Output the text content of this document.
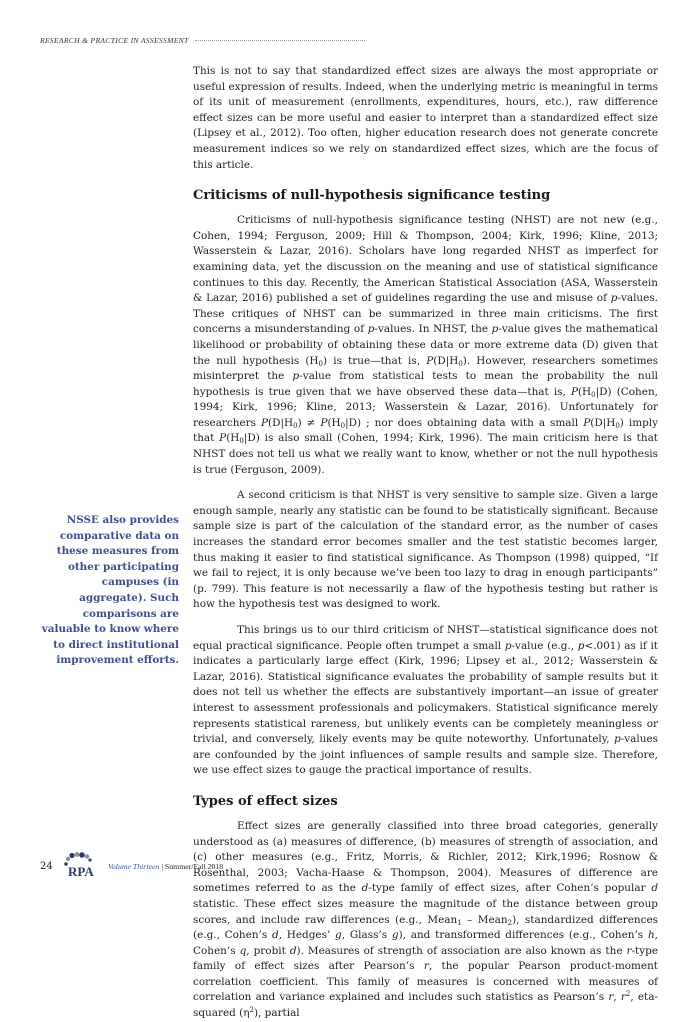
RESEARCH & PRACTICE IN ASSESSMENT

This is not to say that standardized effect sizes are always the most appropriate or useful expression of results. Indeed, when the underlying metric is meaningful in terms of its unit of measurement (enrollments, expenditures, hours, etc.), raw difference effect sizes can be more useful and easier to interpret than a standardized effect size (Lipsey et al., 2012). Too often, higher education research does not generate concrete measurement indices so we rely on standardized effect sizes, which are the focus of this article.

Criticisms of null-hypothesis significance testing

Criticisms of null-hypothesis significance testing (NHST) are not new (e.g., Cohen, 1994; Ferguson, 2009; Hill & Thompson, 2004; Kirk, 1996; Kline, 2013; Wasserstein & Lazar, 2016). Scholars have long regarded NHST as imperfect for examining data, yet the discussion on the meaning and use of statistical significance continues to this day. Recently, the American Statistical Association (ASA, Wasserstein & Lazar, 2016) published a set of guidelines regarding the use and misuse of p-values. These critiques of NHST can be summarized in three main criticisms. The first concerns a misunderstanding of p-values. In NHST, the p-value gives the mathematical likelihood or probability of obtaining these data or more extreme data (D) given that the null hypothesis $(H_0)$ is true—that is, $P(D|H_0)$. However, researchers sometimes misinterpret the p-value from statistical tests to mean the probability the null hypothesis is true given that we have observed these data—that is, $P(H_0|D)$ (Cohen, 1994; Kirk, 1996; Kline, 2013; Wasserstein & Lazar, 2016). Unfortunately for researchers $P(D|H_0) \ne P(H_0|D)$ ; nor does obtaining data with a small $P(D|H_0)$ imply that $P(H_0|D)$ is also small (Cohen, 1994; Kirk, 1996). The main criticism here is that NHST does not tell us what we really want to know, whether or not the null hypothesis is true (Ferguson, 2009).

A second criticism is that NHST is very sensitive to sample size. Given a large enough sample, nearly any statistic can be found to be statistically significant. Because sample size is part of the calculation of the standard error, as the number of cases increases the standard error becomes smaller and the test statistic becomes larger, thus making it easier to find statistical significance. As Thompson (1998) quipped, “If we fail to reject, it is only because we’ve been too lazy to drag in enough participants” (p. 799). This feature is not necessarily a flaw of the hypothesis testing but rather is how the hypothesis test was designed to work.

This brings us to our third criticism of NHST—statistical significance does not equal practical significance. People often trumpet a small p-value (e.g., p<.001) as if it indicates a particularly large effect (Kirk, 1996; Lipsey et al., 2012; Wasserstein & Lazar, 2016). Statistical significance evaluates the probability of sample results but it does not tell us whether the effects are substantively important—an issue of greater interest to assessment professionals and policymakers. Statistical significance merely represents statistical rareness, but unlikely events can be completely meaningless or trivial, and conversely, likely events may be quite noteworthy. Unfortunately, p-values are confounded by the joint influences of sample results and sample size. Therefore, we use effect sizes to gauge the practical importance of results.

Types of effect sizes

Effect sizes are generally classified into three broad categories, generally understood as (a) measures of difference, (b) measures of strength of association, and (c) other measures (e.g., Fritz, Morris, & Richler, 2012; Kirk,1996; Rosnow & Rosenthal, 2003; Vacha-Haase & Thompson, 2004). Measures of difference are sometimes referred to as the d-type family of effect sizes, after Cohen’s popular d statistic. These effect sizes measure the magnitude of the distance between group scores, and include raw differences (e.g., Mean$_1$ – Mean$_2$), standardized differences (e.g., Cohen’s d, Hedges’ g, Glass’s g), and transformed differences (e.g., Cohen’s h, Cohen’s q, probit d). Measures of strength of association are also known as the r-type family of effect sizes after Pearson’s r, the popular Pearson product-moment correlation coefficient. This family of measures is concerned with measures of correlation and variance explained and includes such statistics as Pearson’s r, $r^2$, eta-squared $(\eta^2)$, partial

NSSE also provides comparative data on these measures from other participating campuses (in aggregate). Such comparisons are valuable to know where to direct institutional improvement efforts.
24	RPA Volume Thirteen | Summer/Fall 2018
